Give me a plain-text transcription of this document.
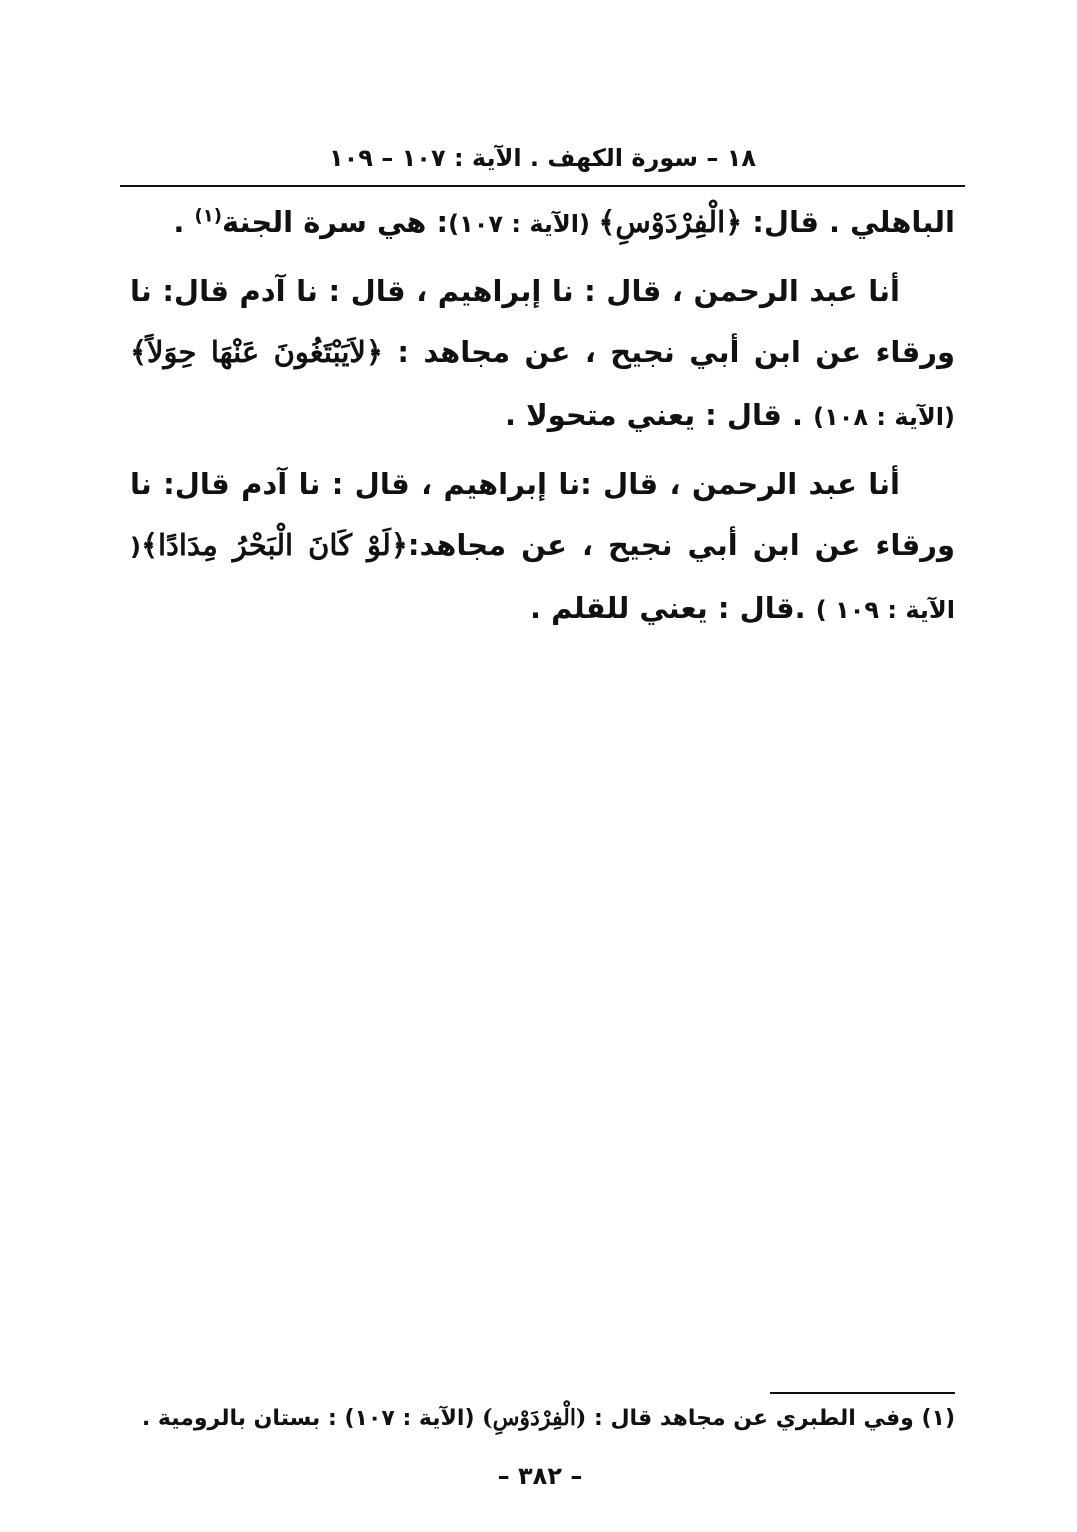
١٨ – سورة الكهف . الآية : ١٠٧ – ١٠٩

الباهلي . قال: ﴿الْفِرْدَوْسِ﴾ (الآية : ١٠٧): هي سرة الجنة$^{(١)}$ .

أنا عبد الرحمن ، قال : نا إبراهيم ، قال : نا آدم قال: نا ورقاء عن ابن أبي نجيح ، عن مجاهد : ﴿لاَيَبْتَغُونَ عَنْهَا حِوَلاً﴾ (الآية : ١٠٨) . قال : يعني متحولا .

أنا عبد الرحمن ، قال :نا إبراهيم ، قال : نا آدم قال: نا ورقاء عن ابن أبي نجيح ، عن مجاهد:﴿لَوْ كَانَ الْبَحْرُ مِدَادًا﴾( الآية : ١٠٩ ) .قال : يعني للقلم .

(١) وفي الطبري عن مجاهد قال : (الْفِرْدَوْسِ) (الآية : ١٠٧) : بستان بالرومية .
– ٣٨٢ –
